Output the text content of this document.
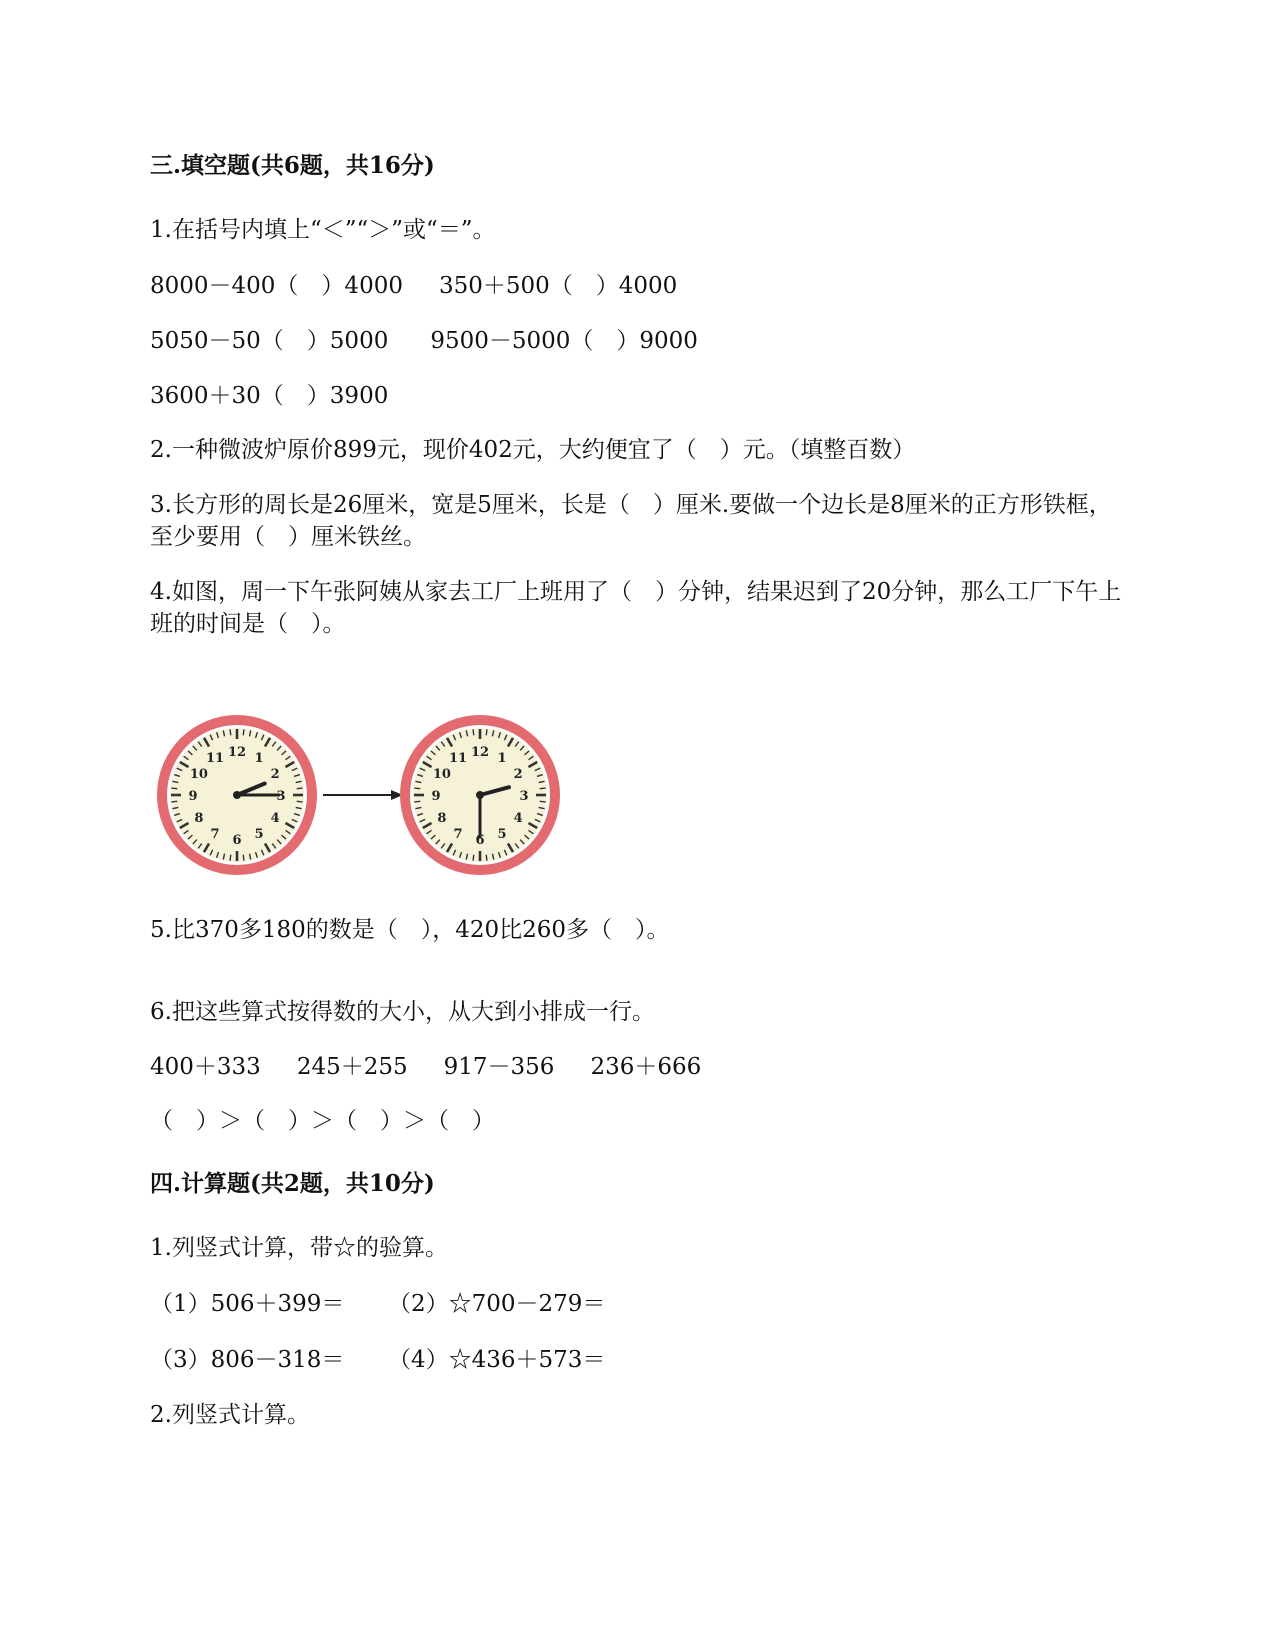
三.填空题(共6题，共16分)

1.在括号内填上“＜”“＞”或“＝”。

8000－400（　）4000 350＋500（　）4000

5050－50（　）5000 9500－5000（　）9000

3600＋30（　）3900

2.一种微波炉原价899元，现价402元，大约便宜了（　）元。（填整百数）

3.长方形的周长是26厘米，宽是5厘米，长是（　）厘米.要做一个边长是8厘米的正方形铁框，至少要用（　）厘米铁丝。

4.如图，周一下午张阿姨从家去工厂上班用了（　）分钟，结果迟到了20分钟，那么工厂下午上班的时间是（　）。

12 1
2
3
4
5
6
7
8
9
10
11	12 1
2
3
4
5
6
7
8
9
10
11

5.比370多180的数是（　），420比260多（　）。

6.把这些算式按得数的大小，从大到小排成一行。

400＋333 245＋255 917－356 236＋666

（　）＞（　）＞（　）＞（　）

四.计算题(共2题，共10分)

1.列竖式计算，带☆的验算。

（1）506＋399＝ （2）☆700－279＝

（3）806－318＝ （4）☆436＋573＝

2.列竖式计算。
